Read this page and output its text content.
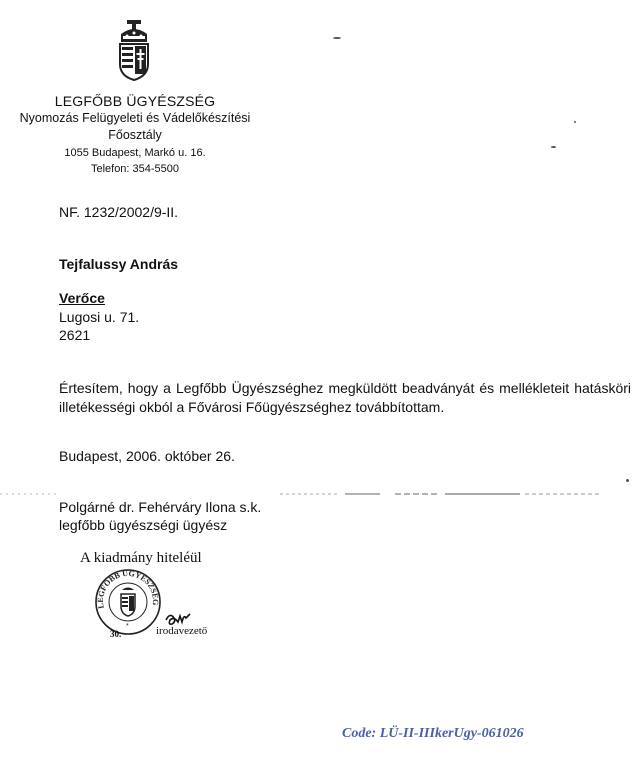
LEGFŐBB ÜGYÉSZSÉG
Nyomozás Felügyeleti és Vádelőkészítési
Főosztály
1055 Budapest, Markó u. 16.
Telefon: 354-5500
NF. 1232/2002/9-II.
Tejfalussy András
Verőce
Lugosi u. 71.
2621
Értesítem, hogy a Legfőbb Ügyészséghez megküldött beadványát és mellékleteit hatásköri illetékességi okból a Fővárosi Főügyészséghez továbbítottam.
Budapest, 2006. október 26.
Polgárné dr. Fehérváry Ilona s.k.
legfőbb ügyészségi ügyész
A kiadmány hiteléül
LEGFŐBB ÜGYÉSZSÉG
*
30.	irodavezető
Code: LÜ-II-IIIkerUgy-061026
